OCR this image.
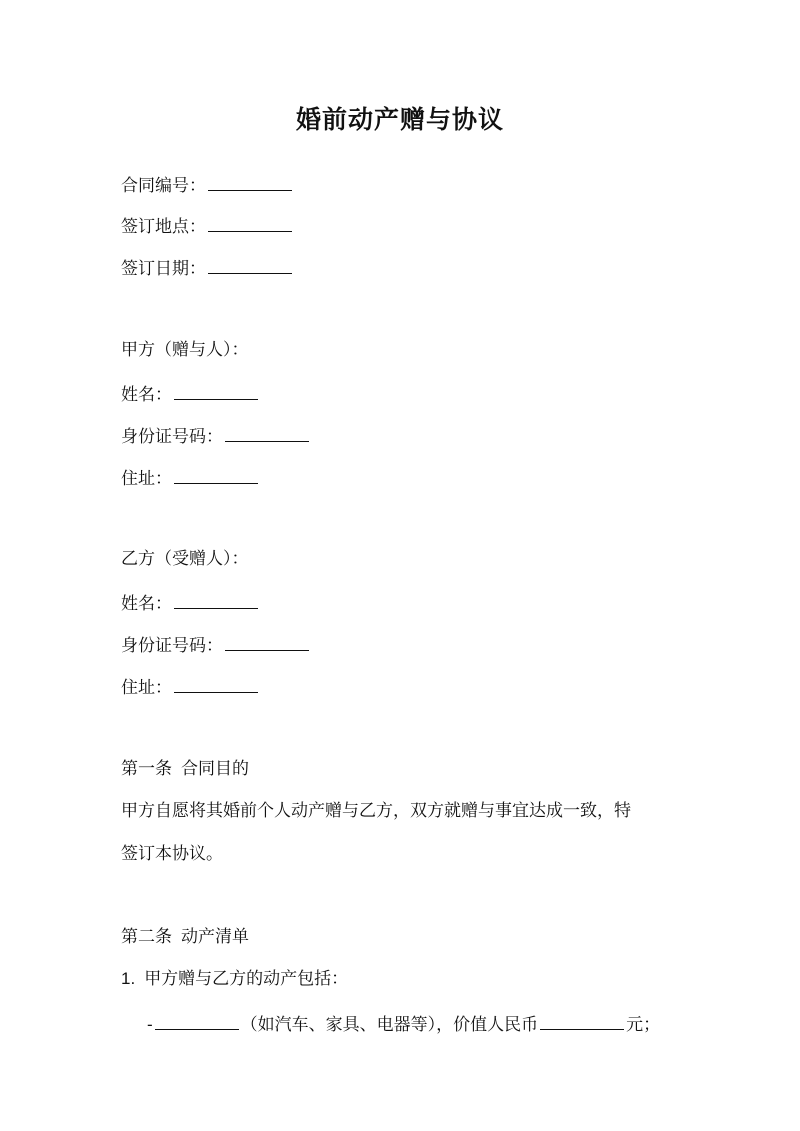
婚前动产赠与协议
合同编号：
签订地点：
签订日期：
甲方（赠与人）：
姓名：
身份证号码：
住址：
乙方（受赠人）：
姓名：
身份证号码：
住址：
第一条 合同目的
甲方自愿将其婚前个人动产赠与乙方，双方就赠与事宜达成一致，特
签订本协议。
第二条 动产清单
1. 甲方赠与乙方的动产包括：
-	（如汽车、家具、电器等），价值人民币	元；
